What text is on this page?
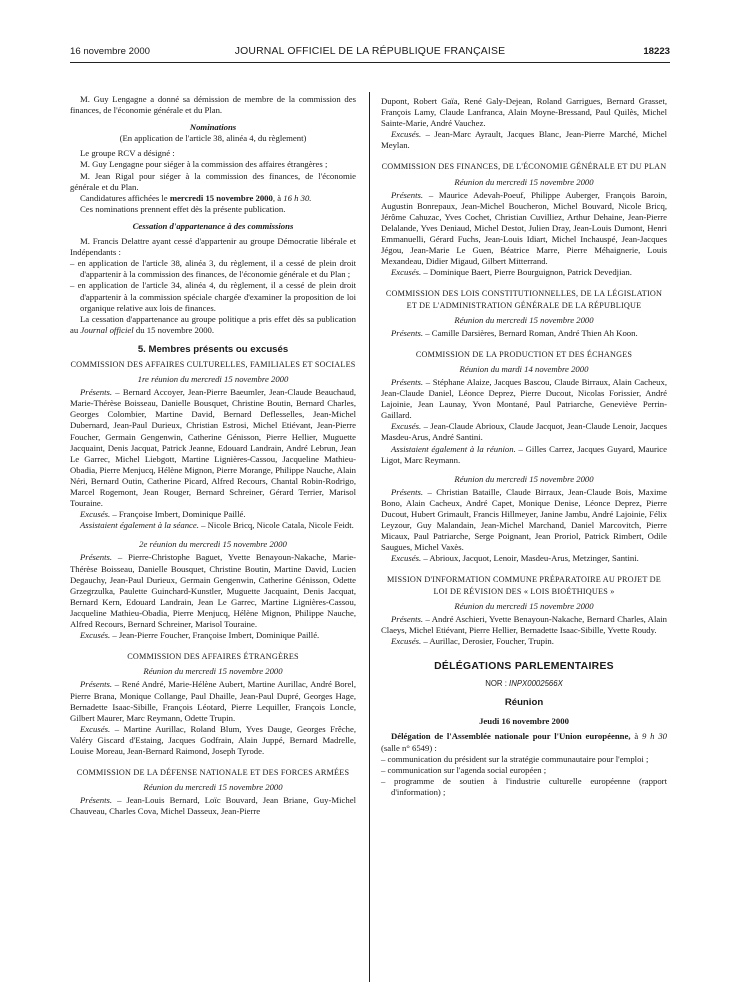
16 novembre 2000	JOURNAL OFFICIEL DE LA RÉPUBLIQUE FRANÇAISE	18223

M. Guy Lengagne a donné sa démission de membre de la commission des finances, de l'économie générale et du Plan.

Nominations

(En application de l'article 38, alinéa 4, du règlement)

Le groupe RCV a désigné :

M. Guy Lengagne pour siéger à la commission des affaires étrangères ;

M. Jean Rigal pour siéger à la commission des finances, de l'économie générale et du Plan.

Candidatures affichées le mercredi 15 novembre 2000, à 16 h 30.

Ces nominations prennent effet dès la présente publication.

Cessation d'appartenance à des commissions

M. Francis Delattre ayant cessé d'appartenir au groupe Démocratie libérale et Indépendants :

– en application de l'article 38, alinéa 3, du règlement, il a cessé de plein droit d'appartenir à la commission des finances, de l'économie générale et du Plan ;
– en application de l'article 34, alinéa 4, du règlement, il a cessé de plein droit d'appartenir à la commission spéciale chargée d'examiner la proposition de loi organique relative aux lois de finances.

La cessation d'appartenance au groupe politique a pris effet dès sa publication au Journal officiel du 15 novembre 2000.

5. Membres présents ou excusés

COMMISSION DES AFFAIRES CULTURELLES, FAMILIALES ET SOCIALES

1re réunion du mercredi 15 novembre 2000

Présents. – Bernard Accoyer, Jean-Pierre Baeumler, Jean-Claude Beauchaud, Marie-Thérèse Boisseau, Danielle Bousquet, Christine Boutin, Bernard Charles, Georges Colombier, Martine David, Bernard Deflesselles, Jean-Michel Dubernard, Jean-Paul Durieux, Christian Estrosi, Michel Etiévant, Jean-Pierre Foucher, Germain Gengenwin, Catherine Génisson, Pierre Hellier, Muguette Jacquaint, Denis Jacquat, Patrick Jeanne, Edouard Landrain, André Lebrun, Jean Le Garrec, Michel Liebgott, Martine Lignières-Cassou, Jacqueline Mathieu-Obadia, Pierre Menjucq, Hélène Mignon, Pierre Morange, Philippe Nauche, Alain Néri, Bernard Outin, Catherine Picard, Alfred Recours, Chantal Robin-Rodrigo, Marcel Rogemont, Jean Rouger, Bernard Schreiner, Gérard Terrier, Marisol Touraine.

Excusés. – Françoise Imbert, Dominique Paillé.

Assistaient également à la séance. – Nicole Bricq, Nicole Catala, Nicole Feidt.

2e réunion du mercredi 15 novembre 2000

Présents. – Pierre-Christophe Baguet, Yvette Benayoun-Nakache, Marie-Thérèse Boisseau, Danielle Bousquet, Christine Boutin, Martine David, Lucien Degauchy, Jean-Paul Durieux, Germain Gengenwin, Catherine Génisson, Odette Grzegrzulka, Paulette Guinchard-Kunstler, Muguette Jacquaint, Denis Jacquat, Bernard Kern, Edouard Landrain, Jean Le Garrec, Martine Lignières-Cassou, Jacqueline Mathieu-Obadia, Pierre Menjucq, Hélène Mignon, Philippe Nauche, Alfred Recours, Bernard Schreiner, Marisol Touraine.

Excusés. – Jean-Pierre Foucher, Françoise Imbert, Dominique Paillé.

COMMISSION DES AFFAIRES ÉTRANGÈRES

Réunion du mercredi 15 novembre 2000

Présents. – René André, Marie-Hélène Aubert, Martine Aurillac, André Borel, Pierre Brana, Monique Collange, Paul Dhaille, Jean-Paul Dupré, Georges Hage, Bernadette Isaac-Sibille, François Léotard, Pierre Lequiller, François Loncle, Gilbert Maurer, Marc Reymann, Odette Trupin.

Excusés. – Martine Aurillac, Roland Blum, Yves Dauge, Georges Frêche, Valéry Giscard d'Estaing, Jacques Godfrain, Alain Juppé, Bernard Madrelle, Louise Moreau, Jean-Bernard Raimond, Joseph Tyrode.

COMMISSION DE LA DÉFENSE NATIONALE ET DES FORCES ARMÉES

Réunion du mercredi 15 novembre 2000

Présents. – Jean-Louis Bernard, Loïc Bouvard, Jean Briane, Guy-Michel Chauveau, Charles Cova, Michel Dasseux, Jean-Pierre

Dupont, Robert Gaïa, René Galy-Dejean, Roland Garrigues, Bernard Grasset, François Lamy, Claude Lanfranca, Alain Moyne-Bressand, Paul Quilès, Michel Sainte-Marie, André Vauchez.

Excusés. – Jean-Marc Ayrault, Jacques Blanc, Jean-Pierre Marché, Michel Meylan.

COMMISSION DES FINANCES, DE L'ÉCONOMIE GÉNÉRALE ET DU PLAN

Réunion du mercredi 15 novembre 2000

Présents. – Maurice Adevah-Poeuf, Philippe Auberger, François Baroin, Augustin Bonrepaux, Jean-Michel Boucheron, Michel Bouvard, Nicole Bricq, Jérôme Cahuzac, Yves Cochet, Christian Cuvilliez, Arthur Dehaine, Jean-Pierre Delalande, Yves Deniaud, Michel Destot, Julien Dray, Jean-Louis Dumont, Henri Emmanuelli, Gérard Fuchs, Jean-Louis Idiart, Michel Inchauspé, Jean-Jacques Jégou, Jean-Marie Le Guen, Béatrice Marre, Pierre Méhaignerie, Louis Mexandeau, Didier Migaud, Gilbert Mitterrand.

Excusés. – Dominique Baert, Pierre Bourguignon, Patrick Devedjian.

COMMISSION DES LOIS CONSTITUTIONNELLES, DE LA LÉGISLATION ET DE L'ADMINISTRATION GÉNÉRALE DE LA RÉPUBLIQUE

Réunion du mercredi 15 novembre 2000

Présents. – Camille Darsières, Bernard Roman, André Thien Ah Koon.

COMMISSION DE LA PRODUCTION ET DES ÉCHANGES

Réunion du mardi 14 novembre 2000

Présents. – Stéphane Alaize, Jacques Bascou, Claude Birraux, Alain Cacheux, Jean-Claude Daniel, Léonce Deprez, Pierre Ducout, Nicolas Forissier, André Lajoinie, Jean Launay, Yvon Montané, Paul Patriarche, Geneviève Perrin-Gaillard.

Excusés. – Jean-Claude Abrioux, Claude Jacquot, Jean-Claude Lenoir, Jacques Masdeu-Arus, André Santini.

Assistaient également à la réunion. – Gilles Carrez, Jacques Guyard, Maurice Ligot, Marc Reymann.

Réunion du mercredi 15 novembre 2000

Présents. – Christian Bataille, Claude Birraux, Jean-Claude Bois, Maxime Bono, Alain Cacheux, André Capet, Monique Denise, Léonce Deprez, Pierre Ducout, Hubert Grimault, Francis Hillmeyer, Janine Jambu, André Lajoinie, Félix Leyzour, Guy Malandain, Jean-Michel Marchand, Daniel Marcovitch, Pierre Micaux, Paul Patriarche, Serge Poignant, Jean Proriol, Patrick Rimbert, Odile Saugues, Michel Vaxès.

Excusés. – Abrioux, Jacquot, Lenoir, Masdeu-Arus, Metzinger, Santini.

MISSION D'INFORMATION COMMUNE PRÉPARATOIRE AU PROJET DE LOI DE RÉVISION DES « LOIS BIOÉTHIQUES »

Réunion du mercredi 15 novembre 2000

Présents. – André Aschieri, Yvette Benayoun-Nakache, Bernard Charles, Alain Claeys, Michel Etiévant, Pierre Hellier, Bernadette Isaac-Sibille, Yvette Roudy.

Excusés. – Aurillac, Derosier, Foucher, Trupin.

DÉLÉGATIONS PARLEMENTAIRES

NOR : INPX0002566X

Réunion

Jeudi 16 novembre 2000

Délégation de l'Assemblée nationale pour l'Union européenne, à 9 h 30 (salle n° 6549) :

– communication du président sur la stratégie communautaire pour l'emploi ;
– communication sur l'agenda social européen ;
– programme de soutien à l'industrie culturelle européenne (rapport d'information) ;
